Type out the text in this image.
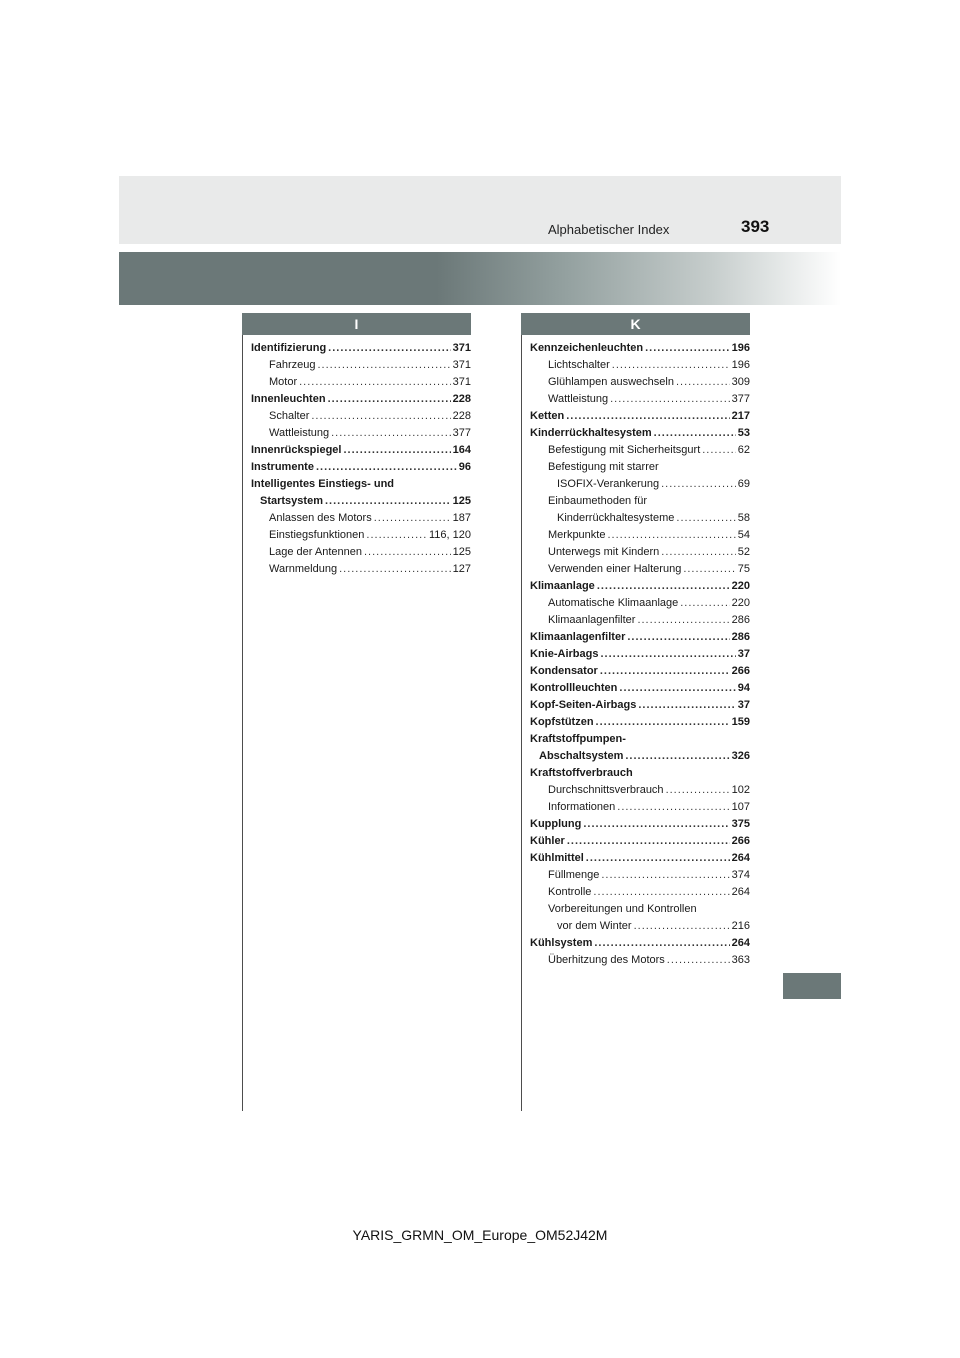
Alphabetischer Index	393
I
Identifizierung .....	371
Fahrzeug .....	371
Motor .....	371
Innenleuchten .....	228
Schalter .....	228
Wattleistung .....	377
Innenrückspiegel .....	164
Instrumente .....	96
Intelligentes Einstiegs- und
Startsystem .....	125
Anlassen des Motors .....	187
Einstiegsfunktionen .....	116, 120
Lage der Antennen .....	125
Warnmeldung .....	127
K
Kennzeichenleuchten .....	196
Lichtschalter .....	196
Glühlampen auswechseln .....	309
Wattleistung .....	377
Ketten .....	217
Kinderrückhaltesystem .....	53
Befestigung mit Sicherheitsgurt .....	62
Befestigung mit starrer
ISOFIX-Verankerung .....	69
Einbaumethoden für
Kinderrückhaltesysteme .....	58
Merkpunkte .....	54
Unterwegs mit Kindern .....	52
Verwenden einer Halterung .....	75
Klimaanlage .....	220
Automatische Klimaanlage .....	220
Klimaanlagenfilter .....	286
Klimaanlagenfilter .....	286
Knie-Airbags .....	37
Kondensator .....	266
Kontrollleuchten .....	94
Kopf-Seiten-Airbags .....	37
Kopfstützen .....	159
Kraftstoffpumpen-
Abschaltsystem .....	326
Kraftstoffverbrauch
Durchschnittsverbrauch .....	102
Informationen .....	107
Kupplung .....	375
Kühler .....	266
Kühlmittel .....	264
Füllmenge .....	374
Kontrolle .....	264
Vorbereitungen und Kontrollen
vor dem Winter .....	216
Kühlsystem .....	264
Überhitzung des Motors .....	363
YARIS_GRMN_OM_Europe_OM52J42M
